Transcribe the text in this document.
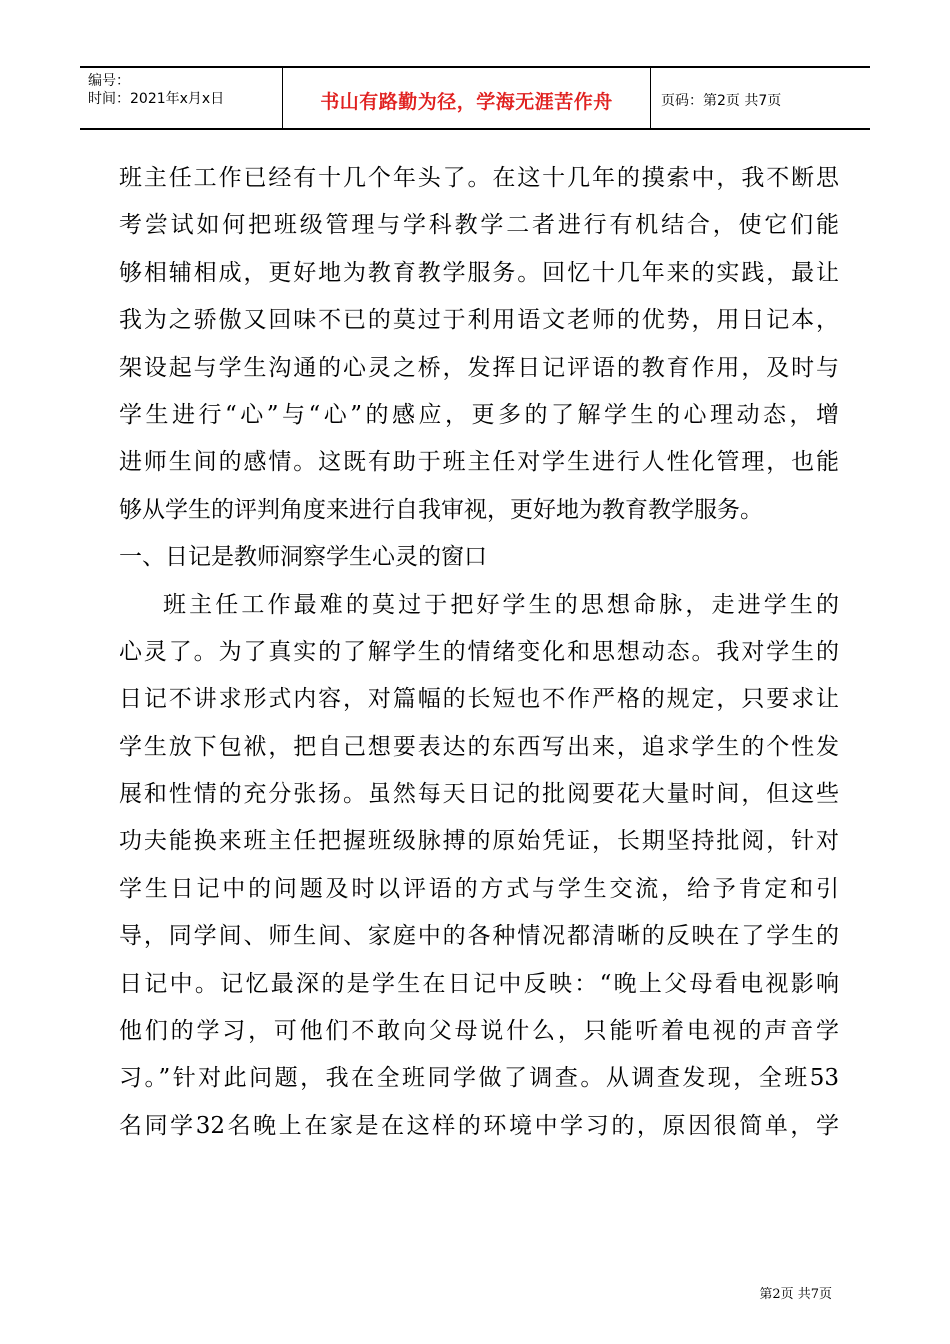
编号：
时间：2021年x月x日	书山有路勤为径，学海无涯苦作舟	页码：第2页 共7页
班主任工作已经有十几个年头了。在这十几年的摸索中，我不断思
考尝试如何把班级管理与学科教学二者进行有机结合，使它们能
够相辅相成，更好地为教育教学服务。回忆十几年来的实践，最让
我为之骄傲又回味不已的莫过于利用语文老师的优势，用日记本，
架设起与学生沟通的心灵之桥，发挥日记评语的教育作用，及时与
学生进行“心”与“心”的感应，更多的了解学生的心理动态，增
进师生间的感情。这既有助于班主任对学生进行人性化管理，也能
够从学生的评判角度来进行自我审视，更好地为教育教学服务。
一、日记是教师洞察学生心灵的窗口
班主任工作最难的莫过于把好学生的思想命脉，走进学生的
心灵了。为了真实的了解学生的情绪变化和思想动态。我对学生的
日记不讲求形式内容，对篇幅的长短也不作严格的规定，只要求让
学生放下包袱，把自己想要表达的东西写出来，追求学生的个性发
展和性情的充分张扬。虽然每天日记的批阅要花大量时间，但这些
功夫能换来班主任把握班级脉搏的原始凭证，长期坚持批阅，针对
学生日记中的问题及时以评语的方式与学生交流，给予肯定和引
导，同学间、师生间、家庭中的各种情况都清晰的反映在了学生的
日记中。记忆最深的是学生在日记中反映：“晚上父母看电视影响
他们的学习，可他们不敢向父母说什么，只能听着电视的声音学
习。”针对此问题，我在全班同学做了调查。从调查发现，全班53
名同学32名晚上在家是在这样的环境中学习的，原因很简单，学
第2页 共7页
